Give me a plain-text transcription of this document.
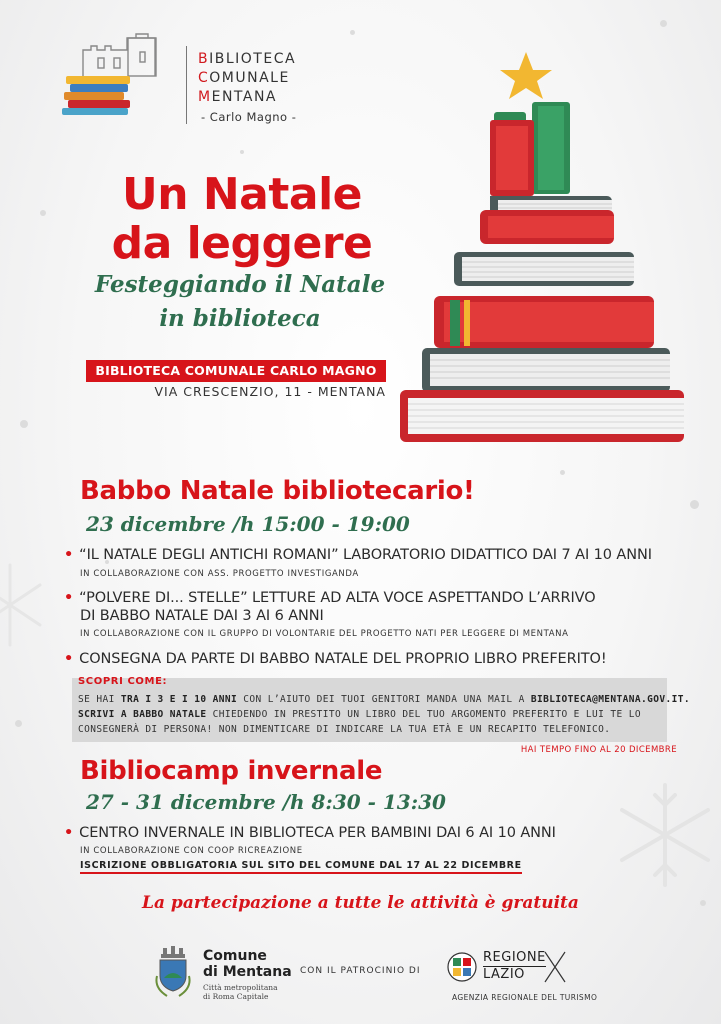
BIBLIOTECA
COMUNALE
MENTANA
- Carlo Magno -
Un Natale
da leggere
Festeggiando il Natale
in biblioteca
BIBLIOTECA COMUNALE CARLO MAGNO
VIA CRESCENZIO, 11 - MENTANA
Babbo Natale bibliotecario!
23 dicembre /h 15:00 - 19:00
• “IL NATALE DEGLI ANTICHI ROMANI” LABORATORIO DIDATTICO DAI 7 AI 10 ANNI
IN COLLABORAZIONE CON ASS. PROGETTO INVESTIGANDA
• “POLVERE DI... STELLE” LETTURE AD ALTA VOCE ASPETTANDO L’ARRIVO
DI BABBO NATALE DAI 3 AI 6 ANNI
IN COLLABORAZIONE CON IL GRUPPO DI VOLONTARIE DEL PROGETTO NATI PER LEGGERE DI MENTANA
• CONSEGNA DA PARTE DI BABBO NATALE DEL PROPRIO LIBRO PREFERITO!
SCOPRI COME:
SE HAI TRA I 3 E I 10 ANNI CON L’AIUTO DEI TUOI GENITORI MANDA UNA MAIL A BIBLIOTECA@MENTANA.GOV.IT.
SCRIVI A BABBO NATALE CHIEDENDO IN PRESTITO UN LIBRO DEL TUO ARGOMENTO PREFERITO E LUI TE LO
CONSEGNERÀ DI PERSONA! NON DIMENTICARE DI INDICARE LA TUA ETÀ E UN RECAPITO TELEFONICO.
HAI TEMPO FINO AL 20 DICEMBRE
Bibliocamp invernale
27 - 31 dicembre /h 8:30 - 13:30
• CENTRO INVERNALE IN BIBLIOTECA PER BAMBINI DAI 6 AI 10 ANNI
IN COLLABORAZIONE CON COOP RICREAZIONE
ISCRIZIONE OBBLIGATORIA SUL SITO DEL COMUNE DAL 17 AL 22 DICEMBRE
La partecipazione a tutte le attività è gratuita
Comune
di Mentana
Città metropolitana
di Roma Capitale
CON IL PATROCINIO DI
REGIONE
LAZIO
AGENZIA REGIONALE DEL TURISMO
